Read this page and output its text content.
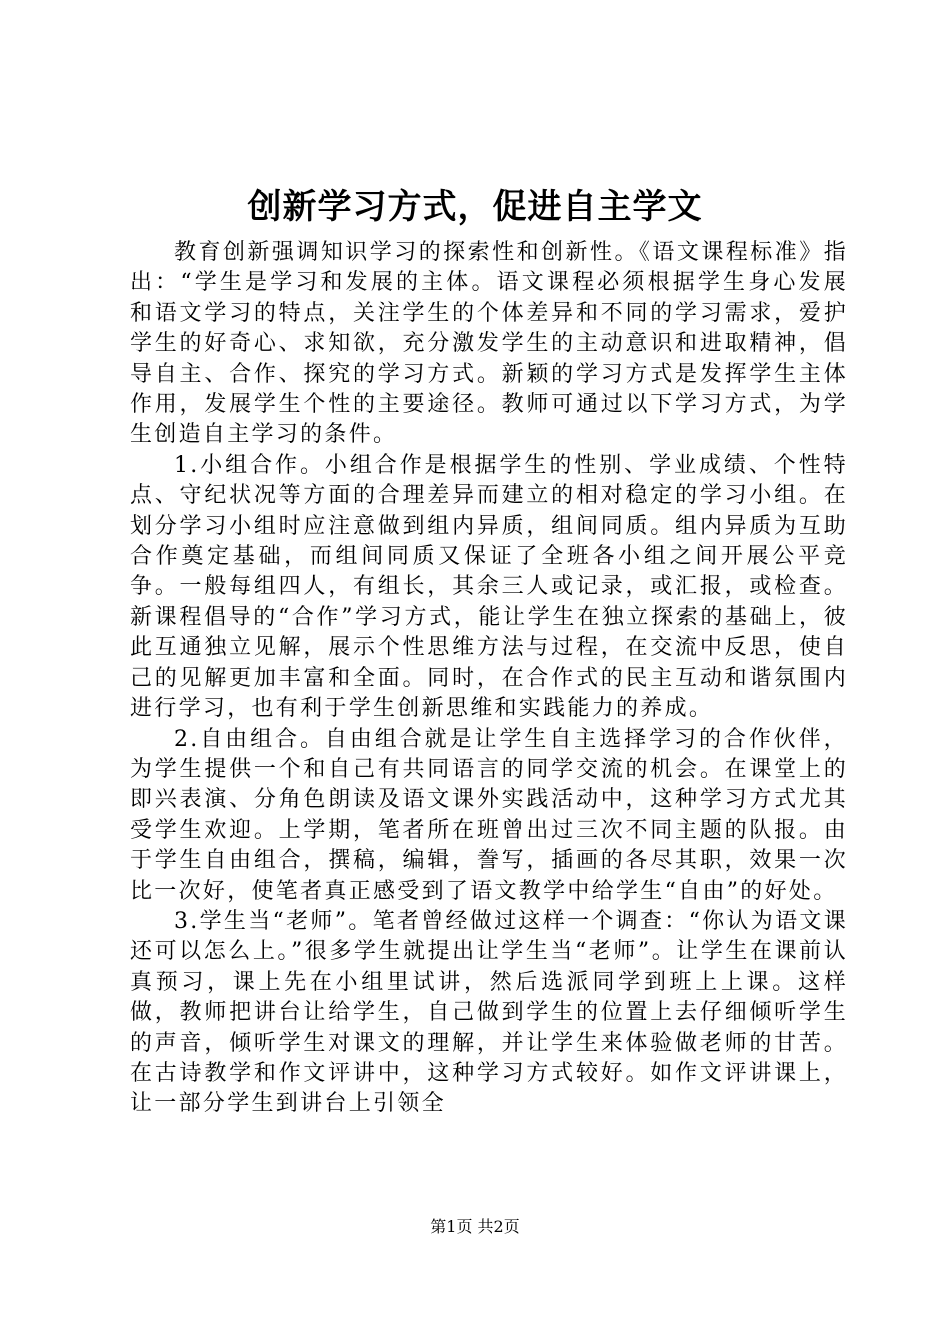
创新学习方式，促进自主学文

教育创新强调知识学习的探索性和创新性。《语文课程标准》指出：“学生是学习和发展的主体。语文课程必须根据学生身心发展和语文学习的特点，关注学生的个体差异和不同的学习需求，爱护学生的好奇心、求知欲，充分激发学生的主动意识和进取精神，倡导自主、合作、探究的学习方式。新颖的学习方式是发挥学生主体作用，发展学生个性的主要途径。教师可通过以下学习方式，为学生创造自主学习的条件。

1.小组合作。小组合作是根据学生的性别、学业成绩、个性特点、守纪状况等方面的合理差异而建立的相对稳定的学习小组。在划分学习小组时应注意做到组内异质，组间同质。组内异质为互助合作奠定基础，而组间同质又保证了全班各小组之间开展公平竞争。一般每组四人，有组长，其余三人或记录，或汇报，或检查。新课程倡导的“合作”学习方式，能让学生在独立探索的基础上，彼此互通独立见解，展示个性思维方法与过程，在交流中反思，使自己的见解更加丰富和全面。同时，在合作式的民主互动和谐氛围内进行学习，也有利于学生创新思维和实践能力的养成。

2.自由组合。自由组合就是让学生自主选择学习的合作伙伴，为学生提供一个和自己有共同语言的同学交流的机会。在课堂上的即兴表演、分角色朗读及语文课外实践活动中，这种学习方式尤其受学生欢迎。上学期，笔者所在班曾出过三次不同主题的队报。由于学生自由组合，撰稿，编辑，誊写，插画的各尽其职，效果一次比一次好，使笔者真正感受到了语文教学中给学生“自由”的好处。

3.学生当“老师”。笔者曾经做过这样一个调查：“你认为语文课还可以怎么上。”很多学生就提出让学生当“老师”。让学生在课前认真预习，课上先在小组里试讲，然后选派同学到班上上课。这样做，教师把讲台让给学生，自己做到学生的位置上去仔细倾听学生的声音，倾听学生对课文的理解，并让学生来体验做老师的甘苦。在古诗教学和作文评讲中，这种学习方式较好。如作文评讲课上，让一部分学生到讲台上引领全

第1页 共2页
